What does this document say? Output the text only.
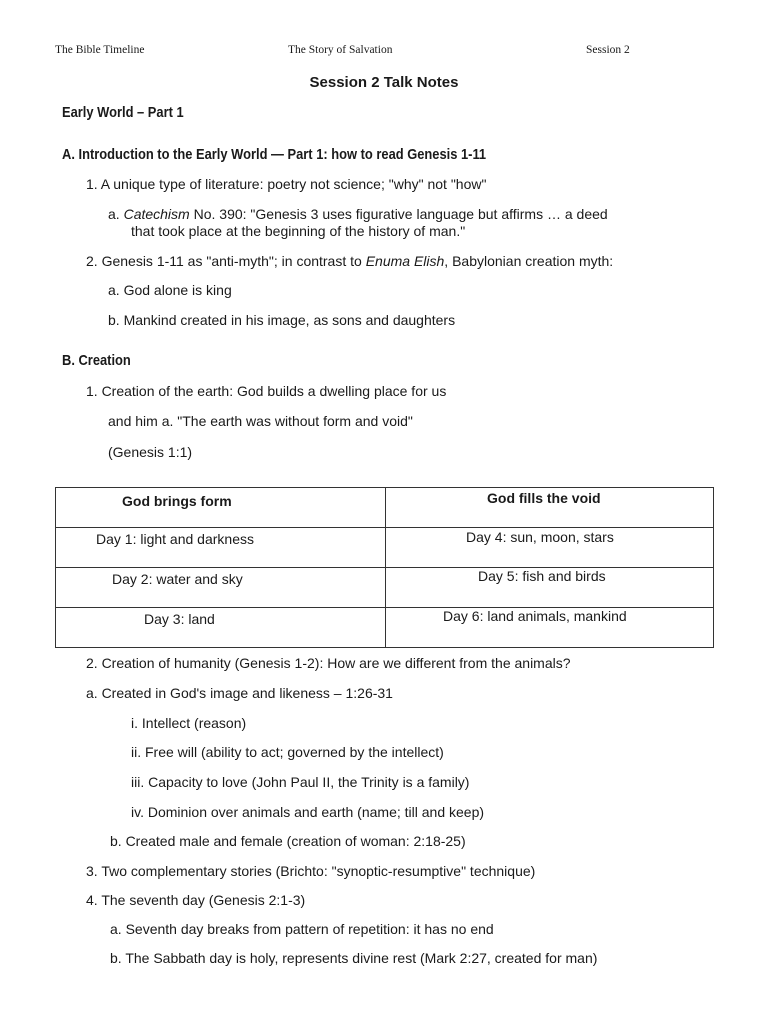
The Bible Timeline	The Story of Salvation	Session 2
Session 2 Talk Notes
Early World – Part 1
A. Introduction to the Early World — Part 1: how to read Genesis 1-11
1. A unique type of literature: poetry not science; "why" not "how"
a. Catechism No. 390: "Genesis 3 uses figurative language but affirms … a deed
that took place at the beginning of the history of man."
2. Genesis 1-11 as "anti-myth"; in contrast to Enuma Elish, Babylonian creation myth:
a. God alone is king
b. Mankind created in his image, as sons and daughters
B. Creation
1. Creation of the earth: God builds a dwelling place for us
and him a. "The earth was without form and void"
(Genesis 1:1)
God brings form	God fills the void

Day 1: light and darkness	Day 4: sun, moon, stars

Day 2: water and sky	Day 5: fish and birds

Day 3: land	Day 6: land animals, mankind
2. Creation of humanity (Genesis 1-2): How are we different from the animals?
a. Created in God's image and likeness – 1:26-31
i. Intellect (reason)
ii. Free will (ability to act; governed by the intellect)
iii. Capacity to love (John Paul II, the Trinity is a family)
iv. Dominion over animals and earth (name; till and keep)
b. Created male and female (creation of woman: 2:18-25)
3. Two complementary stories (Brichto: "synoptic-resumptive" technique)
4. The seventh day (Genesis 2:1-3)
a. Seventh day breaks from pattern of repetition: it has no end
b. The Sabbath day is holy, represents divine rest (Mark 2:27, created for man)
